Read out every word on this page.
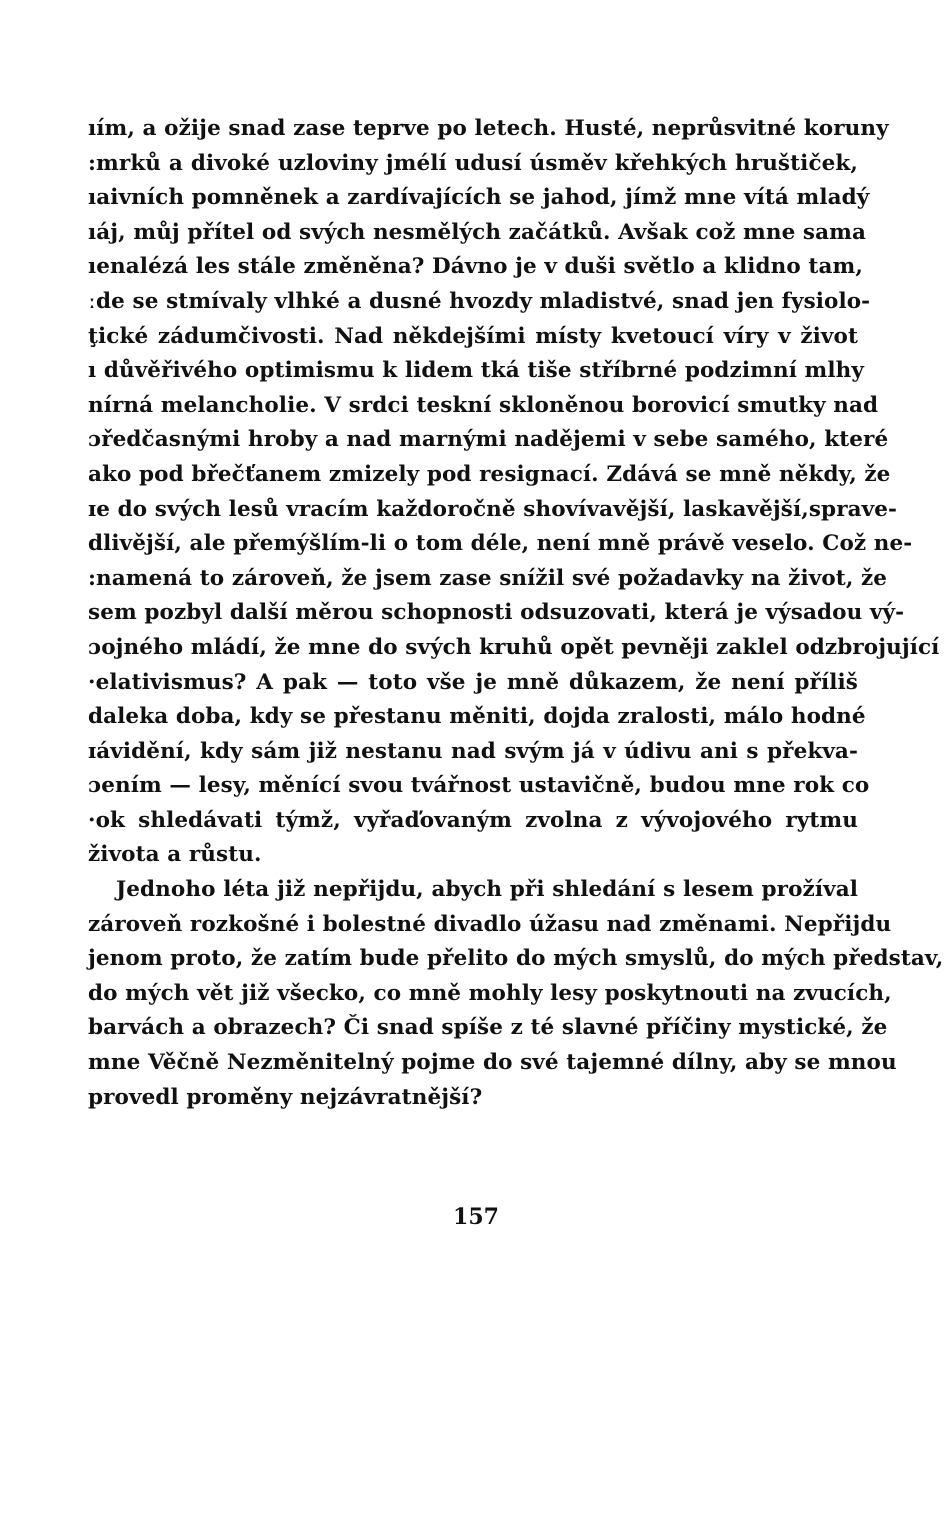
ıím, a ožije snad zase teprve po letech. Husté, neprůsvitné koruny
:mrků a divoké uzloviny jmélí udusí úsměv křehkých hruštiček,
ıaivních pomněnek a zardívajících se jahod, jímž mne vítá mladý
ıáj, můj přítel od svých nesmělých začátků. Avšak což mne sama
ıenalézá les stále změněna? Dávno je v duši světlo a klidno tam,
ːde se stmívaly vlhké a dusné hvozdy mladistvé, snad jen fysiolo-
ţické zádumčivosti. Nad někdejšími místy kvetoucí víry v život
ı důvěřivého optimismu k lidem tká tiše stříbrné podzimní mlhy
nírná melancholie. V srdci teskní skloněnou borovicí smutky nad
ɔředčasnými hroby a nad marnými nadějemi v sebe samého, které
ako pod břečťanem zmizely pod resignací. Zdává se mně někdy, že
ɪe do svých lesů vracím každoročně shovívavější, laskavější,sprave-
dlivější, ale přemýšlím-li o tom déle, není mně právě veselo. Což ne-
:namená to zároveň, že jsem zase snížil své požadavky na život, že
sem pozbyl další měrou schopnosti odsuzovati, která je výsadou vý-
ɔojného mládí, že mne do svých kruhů opět pevněji zaklel odzbrojující
·elativismus? A pak — toto vše je mně důkazem, že není příliš
daleka doba, kdy se přestanu měniti, dojda zralosti, málo hodné
ɪávidění, kdy sám již nestanu nad svým já v údivu ani s překva-
ɔením — lesy, měnící svou tvářnost ustavičně, budou mne rok co
·ok shledávati týmž, vyřaďovaným zvolna z vývojového rytmu
života a růstu.
Jednoho léta již nepřijdu, abych při shledání s lesem prožíval
zároveň rozkošné i bolestné divadlo úžasu nad změnami. Nepřijdu
jenom proto, že zatím bude přelito do mých smyslů, do mých představ,
do mých vět již všecko, co mně mohly lesy poskytnouti na zvucích,
barvách a obrazech? Či snad spíše z té slavné příčiny mystické, že
mne Věčně Nezměnitelný pojme do své tajemné dílny, aby se mnou
provedl proměny nejzávratnější?
157
